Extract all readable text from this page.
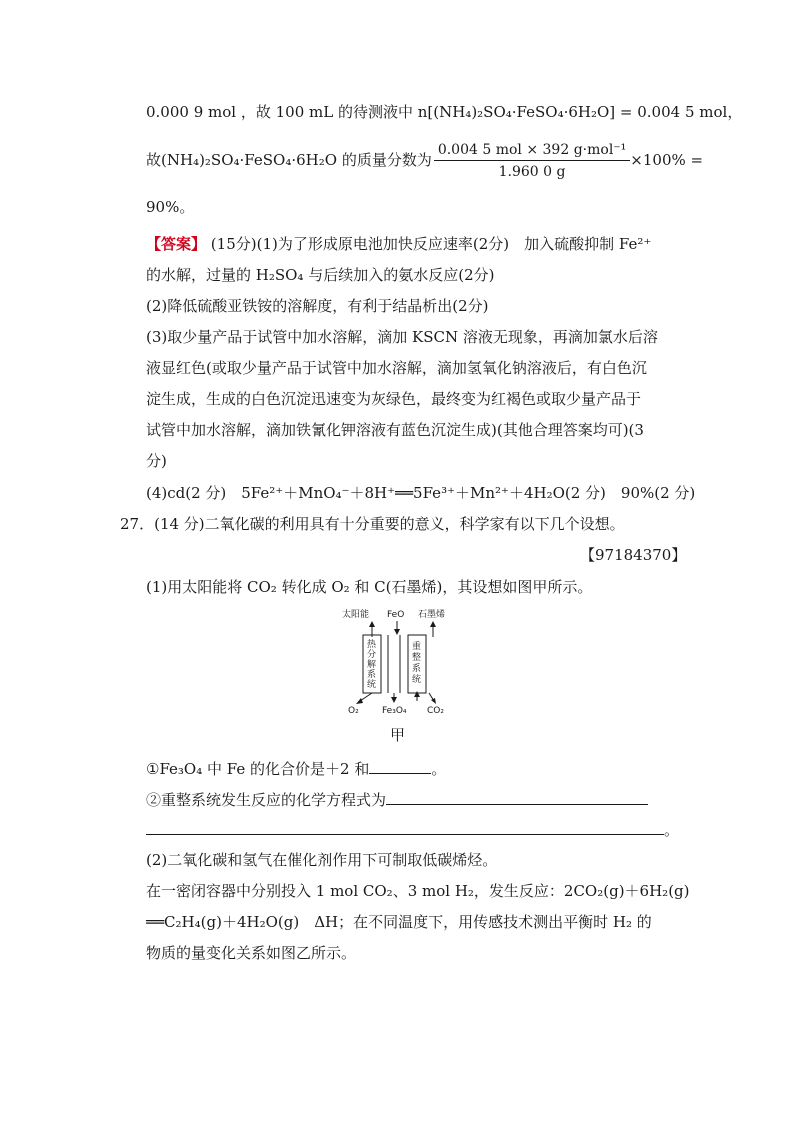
0.000 9 mol ，故 100 mL 的待测液中 n[(NH₄)₂SO₄·FeSO₄·6H₂O] = 0.004 5 mol，
故(NH₄)₂SO₄·FeSO₄·6H₂O 的质量分数为 $\frac{\text{0.004 5 mol × 392 g·mol⁻¹}}{1.960 0 g} \times 100\%$ =
90%。
【答案】 (15分)(1)为了形成原电池加快反应速率(2分)　加入硫酸抑制 Fe²⁺
的水解，过量的 H₂SO₄ 与后续加入的氨水反应(2分)
(2)降低硫酸亚铁铵的溶解度，有利于结晶析出(2分)
(3)取少量产品于试管中加水溶解，滴加 KSCN 溶液无现象，再滴加氯水后溶
液显红色(或取少量产品于试管中加水溶解，滴加氢氧化钠溶液后，有白色沉
淀生成，生成的白色沉淀迅速变为灰绿色，最终变为红褐色或取少量产品于
试管中加水溶解，滴加铁氰化钾溶液有蓝色沉淀生成)(其他合理答案均可)(3
分)
(4)cd(2 分)　5Fe²⁺＋MnO₄⁻＋8H⁺══5Fe³⁺＋Mn²⁺＋4H₂O(2 分)　90%(2 分)
27．(14 分)二氧化碳的利用具有十分重要的意义，科学家有以下几个设想。
【97184370】
(1)用太阳能将 CO₂ 转化成 O₂ 和 C(石墨烯)，其设想如图甲所示。
太阳能 FeO 石墨烯
热
分
解
系
统
重
整
系
统
O₂	Fe₃O₄ CO₂
甲
①Fe₃O₄ 中 Fe 的化合价是＋2 和	。
②重整系统发生反应的化学方程式为
。
(2)二氧化碳和氢气在催化剂作用下可制取低碳烯烃。
在一密闭容器中分别投入 1 mol CO₂、3 mol H₂，发生反应：2CO₂(g)＋6H₂(g)
══C₂H₄(g)＋4H₂O(g)　ΔH；在不同温度下，用传感技术测出平衡时 H₂ 的
物质的量变化关系如图乙所示。
